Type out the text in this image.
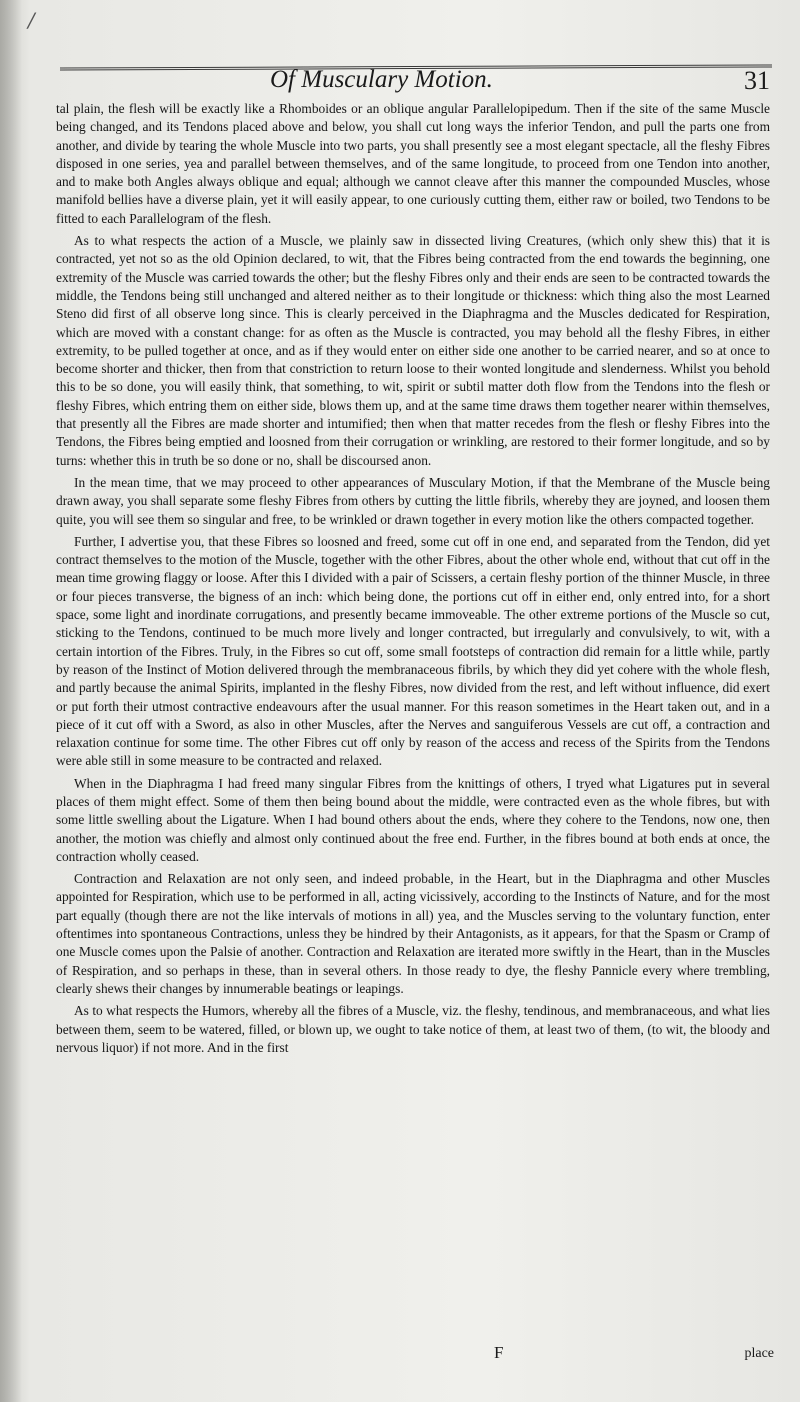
/
Of Musculary Motion.	31

tal plain, the flesh will be exactly like a Rhomboides or an oblique angular Parallelopipedum. Then if the site of the same Muscle being changed, and its Tendons placed above and below, you shall cut long ways the inferior Tendon, and pull the parts one from another, and divide by tearing the whole Muscle into two parts, you shall presently see a most elegant spectacle, all the fleshy Fibres disposed in one series, yea and parallel between themselves, and of the same longitude, to proceed from one Tendon into another, and to make both Angles always oblique and equal; although we cannot cleave after this manner the compounded Muscles, whose manifold bellies have a diverse plain, yet it will easily appear, to one curiously cutting them, either raw or boiled, two Tendons to be fitted to each Parallelogram of the flesh.

As to what respects the action of a Muscle, we plainly saw in dissected living Creatures, (which only shew this) that it is contracted, yet not so as the old Opinion declared, to wit, that the Fibres being contracted from the end towards the beginning, one extremity of the Muscle was carried towards the other; but the fleshy Fibres only and their ends are seen to be contracted towards the middle, the Tendons being still unchanged and altered neither as to their longitude or thickness: which thing also the most Learned Steno did first of all observe long since. This is clearly perceived in the Diaphragma and the Muscles dedicated for Respiration, which are moved with a constant change: for as often as the Muscle is contracted, you may behold all the fleshy Fibres, in either extremity, to be pulled together at once, and as if they would enter on either side one another to be carried nearer, and so at once to become shorter and thicker, then from that constriction to return loose to their wonted longitude and slenderness. Whilst you behold this to be so done, you will easily think, that something, to wit, spirit or subtil matter doth flow from the Tendons into the flesh or fleshy Fibres, which entring them on either side, blows them up, and at the same time draws them together nearer within themselves, that presently all the Fibres are made shorter and intumified; then when that matter recedes from the flesh or fleshy Fibres into the Tendons, the Fibres being emptied and loosned from their corrugation or wrinkling, are restored to their former longitude, and so by turns: whether this in truth be so done or no, shall be discoursed anon.

In the mean time, that we may proceed to other appearances of Musculary Motion, if that the Membrane of the Muscle being drawn away, you shall separate some fleshy Fibres from others by cutting the little fibrils, whereby they are joyned, and loosen them quite, you will see them so singular and free, to be wrinkled or drawn together in every motion like the others compacted together.

Further, I advertise you, that these Fibres so loosned and freed, some cut off in one end, and separated from the Tendon, did yet contract themselves to the motion of the Muscle, together with the other Fibres, about the other whole end, without that cut off in the mean time growing flaggy or loose. After this I divided with a pair of Scissers, a certain fleshy portion of the thinner Muscle, in three or four pieces transverse, the bigness of an inch: which being done, the portions cut off in either end, only entred into, for a short space, some light and inordinate corrugations, and presently became immoveable. The other extreme portions of the Muscle so cut, sticking to the Tendons, continued to be much more lively and longer contracted, but irregularly and convulsively, to wit, with a certain intortion of the Fibres. Truly, in the Fibres so cut off, some small footsteps of contraction did remain for a little while, partly by reason of the Instinct of Motion delivered through the membranaceous fibrils, by which they did yet cohere with the whole flesh, and partly because the animal Spirits, implanted in the fleshy Fibres, now divided from the rest, and left without influence, did exert or put forth their utmost contractive endeavours after the usual manner. For this reason sometimes in the Heart taken out, and in a piece of it cut off with a Sword, as also in other Muscles, after the Nerves and sanguiferous Vessels are cut off, a contraction and relaxation continue for some time. The other Fibres cut off only by reason of the access and recess of the Spirits from the Tendons were able still in some measure to be contracted and relaxed.

When in the Diaphragma I had freed many singular Fibres from the knittings of others, I tryed what Ligatures put in several places of them might effect. Some of them then being bound about the middle, were contracted even as the whole fibres, but with some little swelling about the Ligature. When I had bound others about the ends, where they cohere to the Tendons, now one, then another, the motion was chiefly and almost only continued about the free end. Further, in the fibres bound at both ends at once, the contraction wholly ceased.

Contraction and Relaxation are not only seen, and indeed probable, in the Heart, but in the Diaphragma and other Muscles appointed for Respiration, which use to be performed in all, acting vicissively, according to the Instincts of Nature, and for the most part equally (though there are not the like intervals of motions in all) yea, and the Muscles serving to the voluntary function, enter oftentimes into spontaneous Contractions, unless they be hindred by their Antagonists, as it appears, for that the Spasm or Cramp of one Muscle comes upon the Palsie of another. Contraction and Relaxation are iterated more swiftly in the Heart, than in the Muscles of Respiration, and so perhaps in these, than in several others. In those ready to dye, the fleshy Pannicle every where trembling, clearly shews their changes by innumerable beatings or leapings.

As to what respects the Humors, whereby all the fibres of a Muscle, viz. the fleshy, tendinous, and membranaceous, and what lies between them, seem to be watered, filled, or blown up, we ought to take notice of them, at least two of them, (to wit, the bloody and nervous liquor) if not more. And in the first

F	place
